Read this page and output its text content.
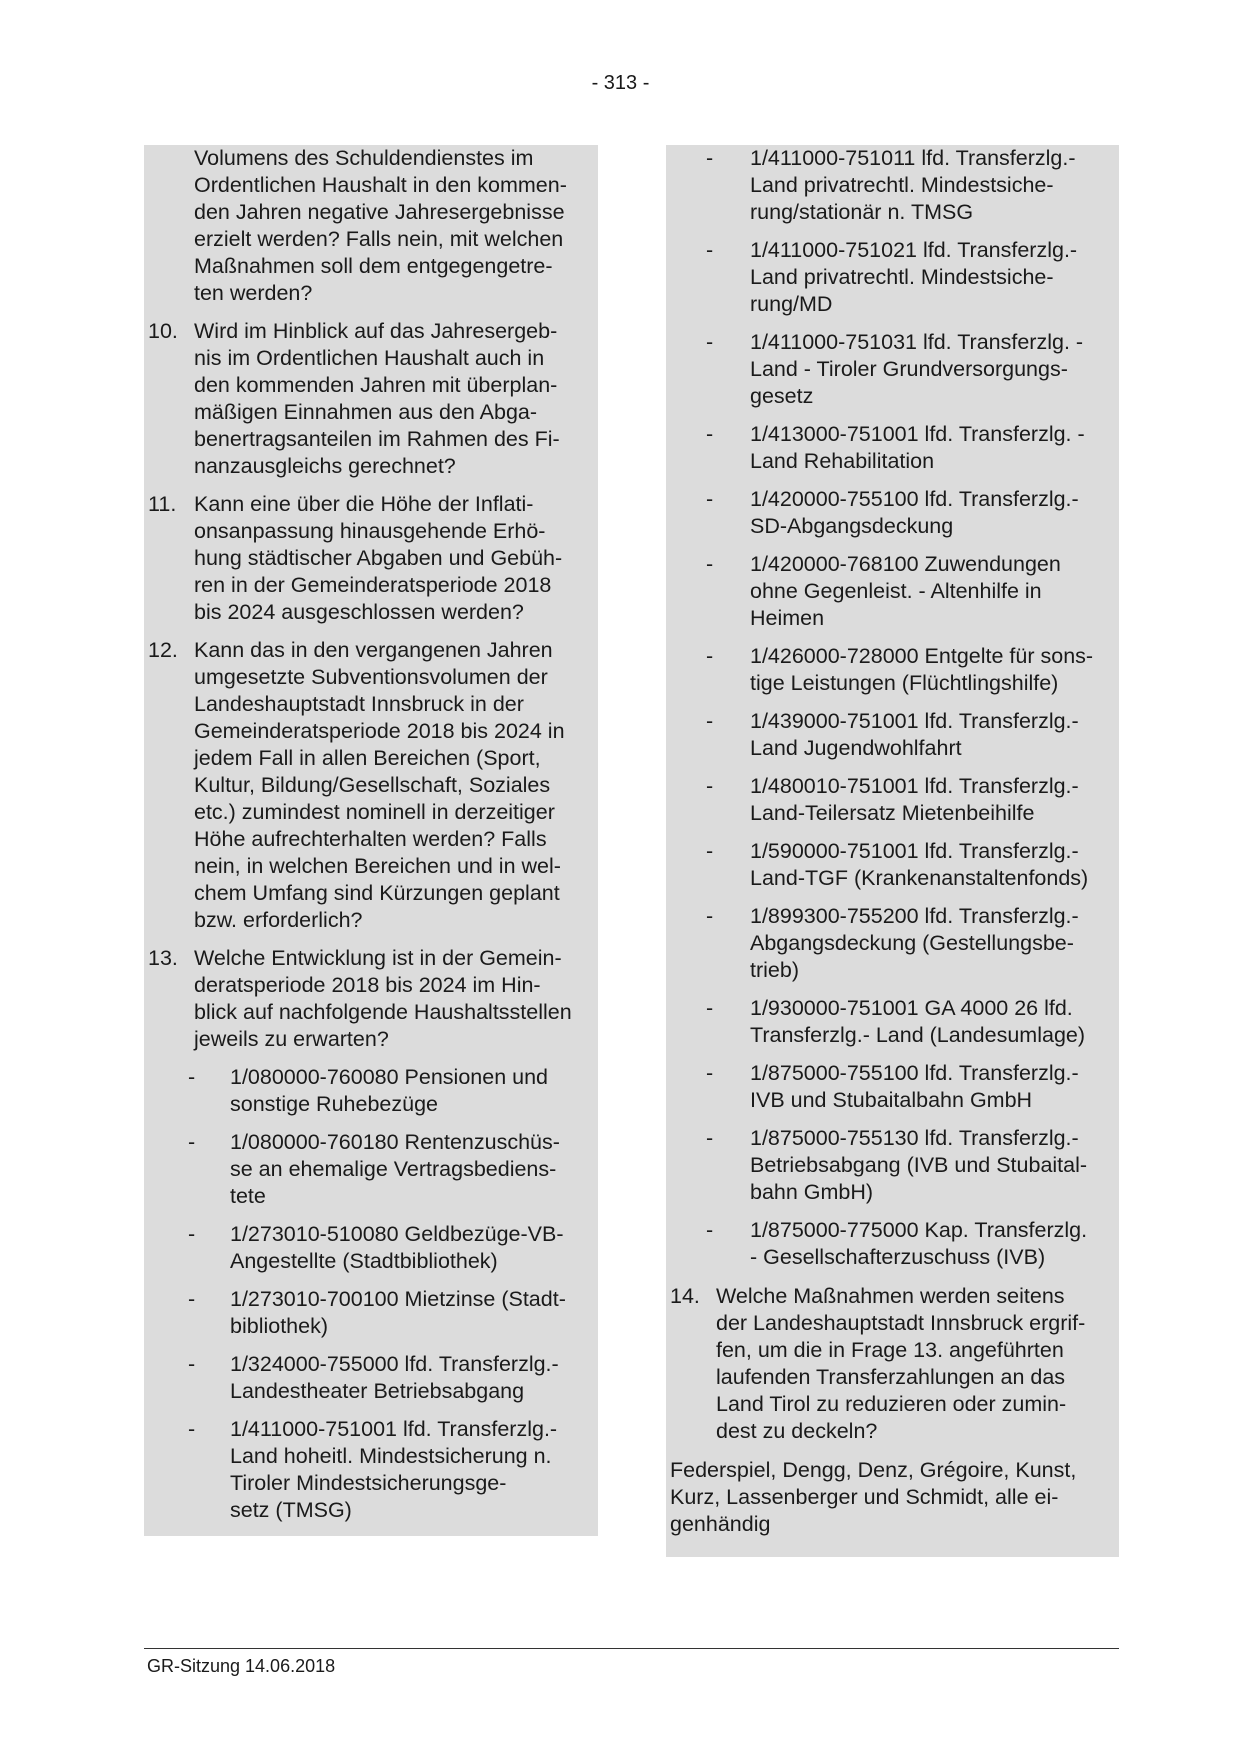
- 313 -
Volumens des Schuldendienstes im
Ordentlichen Haushalt in den kommen-
den Jahren negative Jahresergebnisse
erzielt werden? Falls nein, mit welchen
Maßnahmen soll dem entgegengetre-
ten werden?
10. Wird im Hinblick auf das Jahresergeb-
nis im Ordentlichen Haushalt auch in
den kommenden Jahren mit überplan-
mäßigen Einnahmen aus den Abga-
benertragsanteilen im Rahmen des Fi-
nanzausgleichs gerechnet?
11. Kann eine über die Höhe der Inflati-
onsanpassung hinausgehende Erhö-
hung städtischer Abgaben und Gebüh-
ren in der Gemeinderatsperiode 2018
bis 2024 ausgeschlossen werden?
12. Kann das in den vergangenen Jahren
umgesetzte Subventionsvolumen der
Landeshauptstadt Innsbruck in der
Gemeinderatsperiode 2018 bis 2024 in
jedem Fall in allen Bereichen (Sport,
Kultur, Bildung/Gesellschaft, Soziales
etc.) zumindest nominell in derzeitiger
Höhe aufrechterhalten werden? Falls
nein, in welchen Bereichen und in wel-
chem Umfang sind Kürzungen geplant
bzw. erforderlich?
13. Welche Entwicklung ist in der Gemein-
deratsperiode 2018 bis 2024 im Hin-
blick auf nachfolgende Haushaltsstellen
jeweils zu erwarten?
- 1/080000-760080 Pensionen und
sonstige Ruhebezüge
- 1/080000-760180 Rentenzuschüs-
se an ehemalige Vertragsbediens-
tete
- 1/273010-510080 Geldbezüge-VB-
Angestellte (Stadtbibliothek)
- 1/273010-700100 Mietzinse (Stadt-
bibliothek)
- 1/324000-755000 lfd. Transferzlg.-
Landestheater Betriebsabgang
- 1/411000-751001 lfd. Transferzlg.-
Land hoheitl. Mindestsicherung n.
Tiroler Mindestsicherungsge-
setz (TMSG)
- 1/411000-751011 lfd. Transferzlg.-
Land privatrechtl. Mindestsiche-
rung/stationär n. TMSG
- 1/411000-751021 lfd. Transferzlg.-
Land privatrechtl. Mindestsiche-
rung/MD
- 1/411000-751031 lfd. Transferzlg. -
Land - Tiroler Grundversorgungs-
gesetz
- 1/413000-751001 lfd. Transferzlg. -
Land Rehabilitation
- 1/420000-755100 lfd. Transferzlg.-
SD-Abgangsdeckung
- 1/420000-768100 Zuwendungen
ohne Gegenleist. - Altenhilfe in
Heimen
- 1/426000-728000 Entgelte für sons-
tige Leistungen (Flüchtlingshilfe)
- 1/439000-751001 lfd. Transferzlg.-
Land Jugendwohlfahrt
- 1/480010-751001 lfd. Transferzlg.-
Land-Teilersatz Mietenbeihilfe
- 1/590000-751001 lfd. Transferzlg.-
Land-TGF (Krankenanstaltenfonds)
- 1/899300-755200 lfd. Transferzlg.-
Abgangsdeckung (Gestellungsbe-
trieb)
- 1/930000-751001 GA 4000 26 lfd.
Transferzlg.- Land (Landesumlage)
- 1/875000-755100 lfd. Transferzlg.-
IVB und Stubaitalbahn GmbH
- 1/875000-755130 lfd. Transferzlg.-
Betriebsabgang (IVB und Stubaital-
bahn GmbH)
- 1/875000-775000 Kap. Transferzlg.
- Gesellschafterzuschuss (IVB)
14. Welche Maßnahmen werden seitens
der Landeshauptstadt Innsbruck ergrif-
fen, um die in Frage 13. angeführten
laufenden Transferzahlungen an das
Land Tirol zu reduzieren oder zumin-
dest zu deckeln?
Federspiel, Dengg, Denz, Grégoire, Kunst,
Kurz, Lassenberger und Schmidt, alle ei-
genhändig
GR-Sitzung 14.06.2018
